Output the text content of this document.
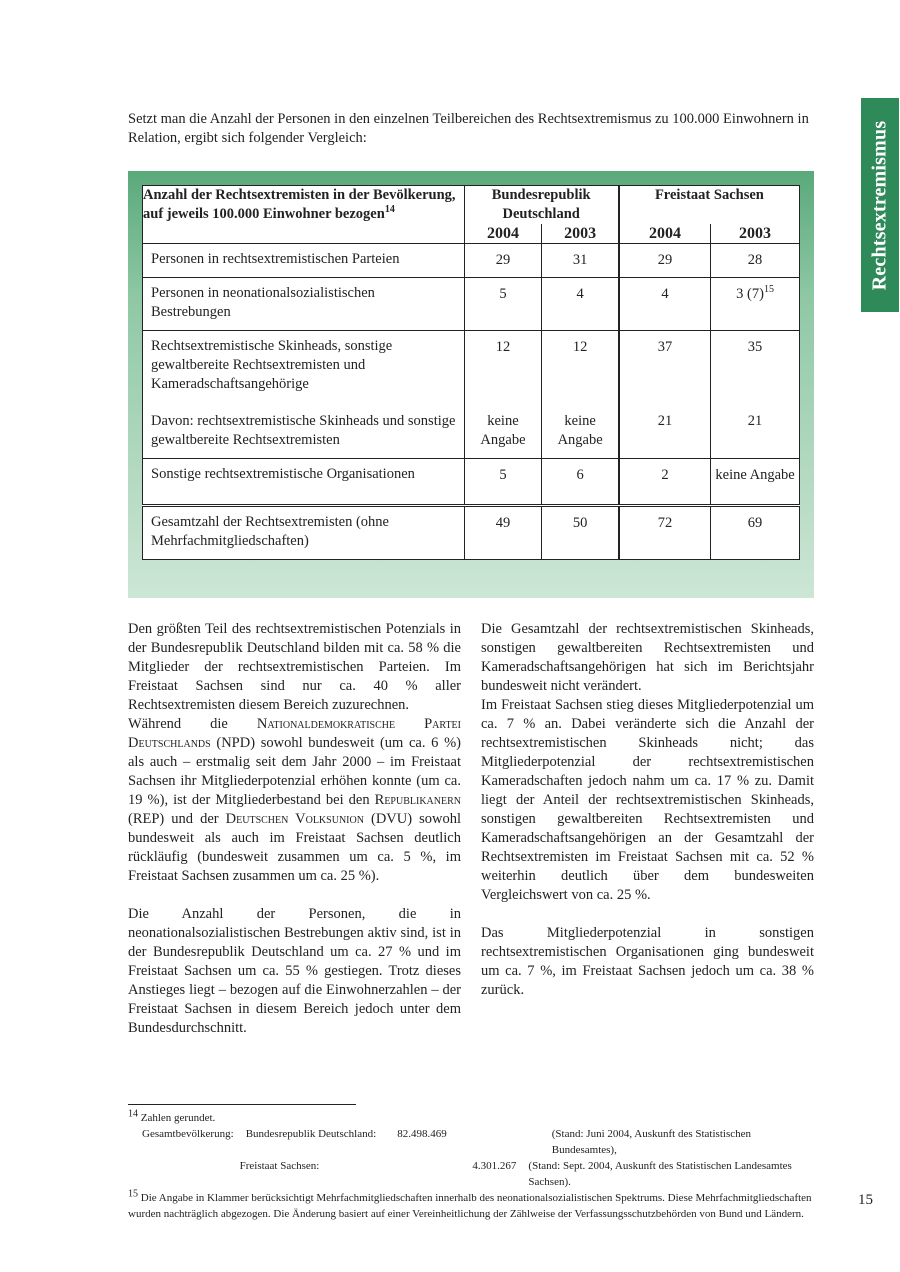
Rechtsextremismus

Setzt man die Anzahl der Personen in den einzelnen Teilbereichen des Rechtsextremismus zu 100.000 Einwohnern in Relation, ergibt sich folgender Vergleich:

Anzahl der Rechtsextremisten in der Bevölkerung, auf jeweils 100.000 Einwohner bezogen$^{14}$	Bundesrepublik Deutschland		Freistaat Sachsen	
	2004	2003	2004	2003
Personen in rechtsextremistischen Parteien	29	31	29	28
Personen in neonationalsozialistischen Bestrebungen	5	4	4	3 $(7)^{15}$
Rechtsextremistische Skinheads, sonstige gewaltbereite Rechtsextremisten und Kameradschaftsangehörige	12	12	37	35
Davon: rechtsextremistische Skinheads und sonstige gewaltbereite Rechtsextremisten	keine Angabe	keine Angabe	21	21
Sonstige rechtsextremistische Organisationen	5	6	2	keine Angabe
Gesamtzahl der Rechtsextremisten (ohne Mehrfachmitgliedschaften)	49	50	72	69

Den größten Teil des rechtsextremistischen Potenzials in der Bundesrepublik Deutschland bilden mit ca. 58 % die Mitglieder der rechtsextremistischen Parteien. Im Freistaat Sachsen sind nur ca. 40 % aller Rechtsextremisten diesem Bereich zuzurechnen.

Während die Nationaldemokratische Partei Deutschlands (NPD) sowohl bundesweit (um ca. 6 %) als auch – erstmalig seit dem Jahr 2000 – im Freistaat Sachsen ihr Mitgliederpotenzial erhöhen konnte (um ca. 19 %), ist der Mitgliederbestand bei den Republikanern (REP) und der Deutschen Volksunion (DVU) sowohl bundesweit als auch im Freistaat Sachsen deutlich rückläufig (bundesweit zusammen um ca. 5 %, im Freistaat Sachsen zusammen um ca. 25 %).

Die Anzahl der Personen, die in neonationalsozialistischen Bestrebungen aktiv sind, ist in der Bundesrepublik Deutschland um ca. 27 % und im Freistaat Sachsen um ca. 55 % gestiegen. Trotz dieses Anstieges liegt – bezogen auf die Einwohnerzahlen – der Freistaat Sachsen in diesem Bereich jedoch unter dem Bundesdurchschnitt.

Die Gesamtzahl der rechtsextremistischen Skinheads, sonstigen gewaltbereiten Rechtsextremisten und Kameradschaftsangehörigen hat sich im Berichtsjahr bundesweit nicht verändert.

Im Freistaat Sachsen stieg dieses Mitgliederpotenzial um ca. 7 % an. Dabei veränderte sich die Anzahl der rechtsextremistischen Skinheads nicht; das Mitgliederpotenzial der rechtsextremistischen Kameradschaften jedoch nahm um ca. 17 % zu. Damit liegt der Anteil der rechtsextremistischen Skinheads, sonstigen gewaltbereiten Rechtsextremisten und Kameradschaftsangehörigen an der Gesamtzahl der Rechtsextremisten im Freistaat Sachsen mit ca. 52 % weiterhin deutlich über dem bundesweiten Vergleichswert von ca. 25 %.

Das Mitgliederpotenzial in sonstigen rechtsextremistischen Organisationen ging bundesweit um ca. 7 %, im Freistaat Sachsen jedoch um ca. 38 % zurück.

$^{14}$ Zahlen gerundet.

Gesamtbevölkerung:	Bundesrepublik Deutschland:	82.498.469	(Stand: Juni 2004, Auskunft des Statistischen Bundesamtes),
Freistaat Sachsen:	4.301.267	(Stand: Sept. 2004, Auskunft des Statistischen Landesamtes Sachsen).

$^{15}$ Die Angabe in Klammer berücksichtigt Mehrfachmitgliedschaften innerhalb des neonationalsozialistischen Spektrums. Diese Mehrfachmitgliedschaften wurden nachträglich abgezogen. Die Änderung basiert auf einer Vereinheitlichung der Zählweise der Verfassungsschutzbehörden von Bund und Ländern.

15
